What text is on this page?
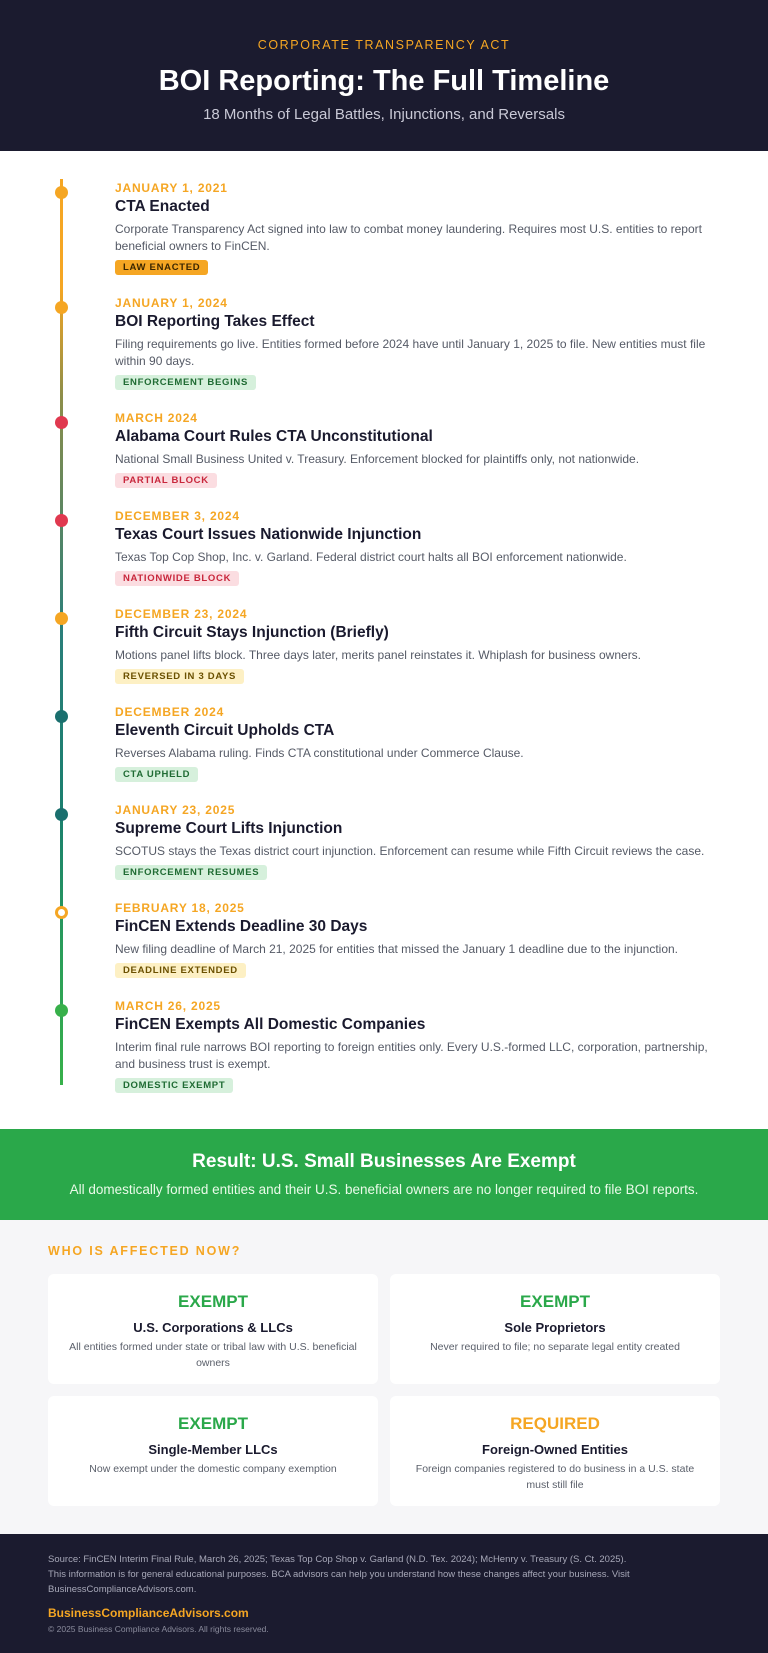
CORPORATE TRANSPARENCY ACT
BOI Reporting: The Full Timeline
18 Months of Legal Battles, Injunctions, and Reversals
JANUARY 1, 2021
CTA Enacted
Corporate Transparency Act signed into law to combat money laundering. Requires most U.S. entities to report beneficial owners to FinCEN.
LAW ENACTED
JANUARY 1, 2024
BOI Reporting Takes Effect
Filing requirements go live. Entities formed before 2024 have until January 1, 2025 to file. New entities must file within 90 days.
ENFORCEMENT BEGINS
MARCH 2024
Alabama Court Rules CTA Unconstitutional
National Small Business United v. Treasury. Enforcement blocked for plaintiffs only, not nationwide.
PARTIAL BLOCK
DECEMBER 3, 2024
Texas Court Issues Nationwide Injunction
Texas Top Cop Shop, Inc. v. Garland. Federal district court halts all BOI enforcement nationwide.
NATIONWIDE BLOCK
DECEMBER 23, 2024
Fifth Circuit Stays Injunction (Briefly)
Motions panel lifts block. Three days later, merits panel reinstates it. Whiplash for business owners.
REVERSED IN 3 DAYS
DECEMBER 2024
Eleventh Circuit Upholds CTA
Reverses Alabama ruling. Finds CTA constitutional under Commerce Clause.
CTA UPHELD
JANUARY 23, 2025
Supreme Court Lifts Injunction
SCOTUS stays the Texas district court injunction. Enforcement can resume while Fifth Circuit reviews the case.
ENFORCEMENT RESUMES
FEBRUARY 18, 2025
FinCEN Extends Deadline 30 Days
New filing deadline of March 21, 2025 for entities that missed the January 1 deadline due to the injunction.
DEADLINE EXTENDED
MARCH 26, 2025
FinCEN Exempts All Domestic Companies
Interim final rule narrows BOI reporting to foreign entities only. Every U.S.-formed LLC, corporation, partnership, and business trust is exempt.
DOMESTIC EXEMPT
Result: U.S. Small Businesses Are Exempt
All domestically formed entities and their U.S. beneficial owners are no longer required to file BOI reports.
WHO IS AFFECTED NOW?
EXEMPT
U.S. Corporations & LLCs
All entities formed under state or tribal law with U.S. beneficial owners
EXEMPT
Sole Proprietors
Never required to file; no separate legal entity created
EXEMPT
Single-Member LLCs
Now exempt under the domestic company exemption
REQUIRED
Foreign-Owned Entities
Foreign companies registered to do business in a U.S. state must still file
Source: FinCEN Interim Final Rule, March 26, 2025; Texas Top Cop Shop v. Garland (N.D. Tex. 2024); McHenry v. Treasury (S. Ct. 2025).
This information is for general educational purposes. BCA advisors can help you understand how these changes affect your business. Visit BusinessComplianceAdvisors.com.
BusinessComplianceAdvisors.com
© 2025 Business Compliance Advisors. All rights reserved.
